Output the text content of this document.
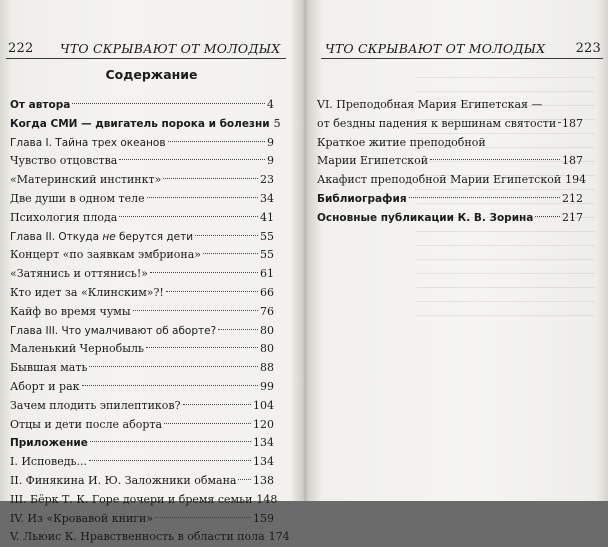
222 ЧТО СКРЫВАЮТ ОТ МОЛОДЫХ
Содержание
От автора	4
Когда СМИ — двигатель порока и болезни 5
Глава I. Тайна трех океанов	9
Чувство отцовства	9
«Материнский инстинкт»	23
Две души в одном теле	34
Психология плода	41
Глава II. Откуда не берутся дети	55
Концерт «по заявкам эмбриона»	55
«Затянись и оттянись!»	61
Кто идет за «Клинским»?!	66
Кайф во время чумы	76
Глава III. Что умалчивают об аборте?	80
Маленький Чернобыль	80
Бывшая мать	88
Аборт и рак	99
Зачем плодить эпилептиков?	104
Отцы и дети после аборта	120
Приложение	134
I. Исповедь...	134
II. Финякина И. Ю. Заложники обмана 138
III. Бёрк Т. К. Горе дочери и бремя семьи 148
IV. Из «Кровавой книги»	159
V. Льюис К. Нравственность в области пола 174
ЧТО СКРЫВАЮТ ОТ МОЛОДЫХ 223
VI. Преподобная Мария Египетская —
от бездны падения к вершинам святости 187
Краткое житие преподобной
Марии Египетской	187
Акафист преподобной Марии Египетской 194
Библиография	212
Основные публикации К. В. Зорина	217
